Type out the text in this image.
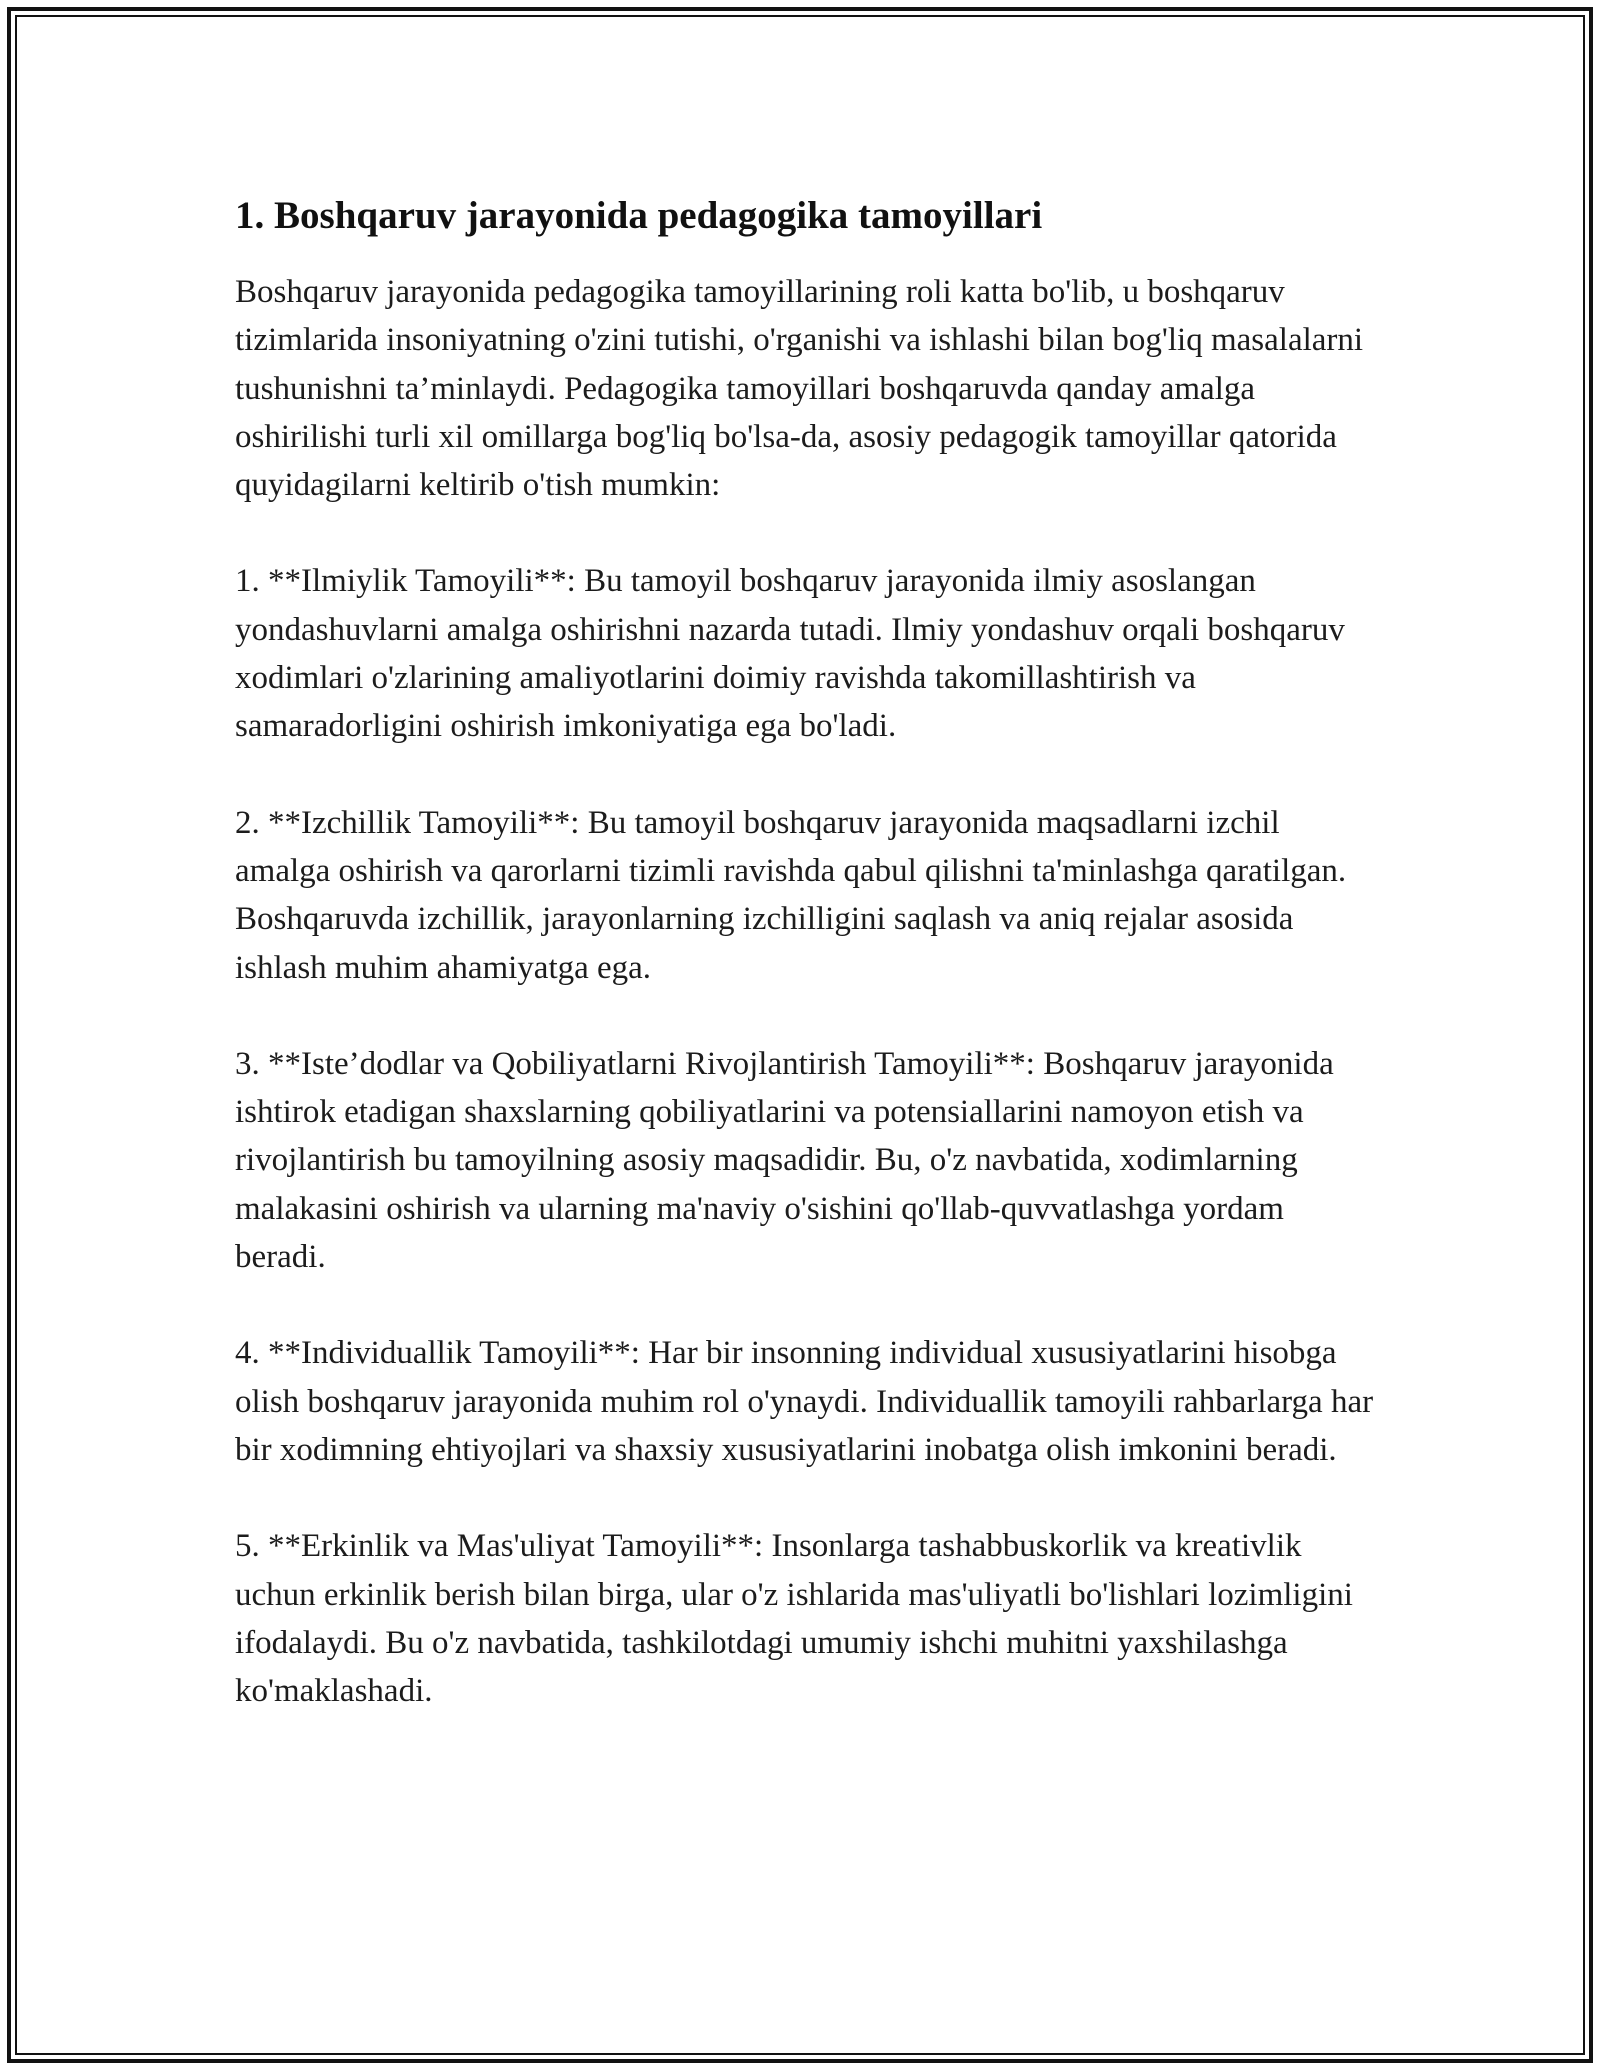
1. Boshqaruv jarayonida pedagogika tamoyillari

Boshqaruv jarayonida pedagogika tamoyillarining roli katta bo'lib, u boshqaruv tizimlarida insoniyatning o'zini tutishi, o'rganishi va ishlashi bilan bog'liq masalalarni tushunishni ta’minlaydi. Pedagogika tamoyillari boshqaruvda qanday amalga oshirilishi turli xil omillarga bog'liq bo'lsa-da, asosiy pedagogik tamoyillar qatorida quyidagilarni keltirib o'tish mumkin:

1. **Ilmiylik Tamoyili**: Bu tamoyil boshqaruv jarayonida ilmiy asoslangan yondashuvlarni amalga oshirishni nazarda tutadi. Ilmiy yondashuv orqali boshqaruv xodimlari o'zlarining amaliyotlarini doimiy ravishda takomillashtirish va samaradorligini oshirish imkoniyatiga ega bo'ladi.

2. **Izchillik Tamoyili**: Bu tamoyil boshqaruv jarayonida maqsadlarni izchil amalga oshirish va qarorlarni tizimli ravishda qabul qilishni ta'minlashga qaratilgan. Boshqaruvda izchillik, jarayonlarning izchilligini saqlash va aniq rejalar asosida ishlash muhim ahamiyatga ega.

3. **Iste’dodlar va Qobiliyatlarni Rivojlantirish Tamoyili**: Boshqaruv jarayonida ishtirok etadigan shaxslarning qobiliyatlarini va potensiallarini namoyon etish va rivojlantirish bu tamoyilning asosiy maqsadidir. Bu, o'z navbatida, xodimlarning malakasini oshirish va ularning ma'naviy o'sishini qo'llab-quvvatlashga yordam beradi.

4. **Individuallik Tamoyili**: Har bir insonning individual xususiyatlarini hisobga olish boshqaruv jarayonida muhim rol o'ynaydi. Individuallik tamoyili rahbarlarga har bir xodimning ehtiyojlari va shaxsiy xususiyatlarini inobatga olish imkonini beradi.

5. **Erkinlik va Mas'uliyat Tamoyili**: Insonlarga tashabbuskorlik va kreativlik uchun erkinlik berish bilan birga, ular o'z ishlarida mas'uliyatli bo'lishlari lozimligini ifodalaydi. Bu o'z navbatida, tashkilotdagi umumiy ishchi muhitni yaxshilashga ko'maklashadi.
